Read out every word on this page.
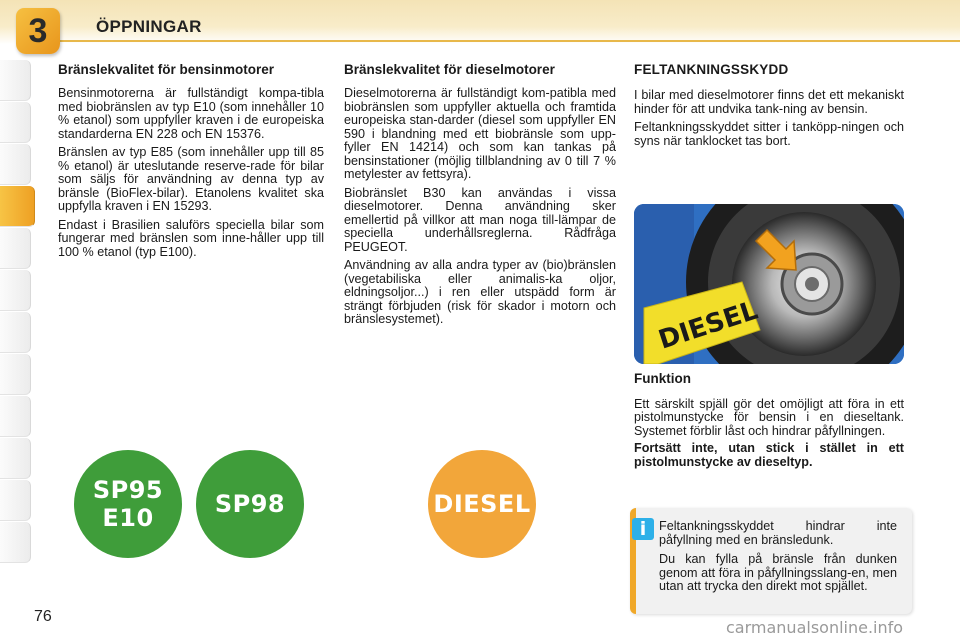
3	ÖPPNINGAR
Bränslekvalitet för bensinmotorer

Bensinmotorerna är fullständigt kompa-tibla med biobränslen av typ E10 (som innehåller 10 % etanol) som uppfyller kraven i de europeiska standarderna EN 228 och EN 15376.

Bränslen av typ E85 (som innehåller upp till 85 % etanol) är uteslutande reserve-rade för bilar som säljs för användning av denna typ av bränsle (BioFlex-bilar). Etanolens kvalitet ska uppfylla kraven i EN 15293.

Endast i Brasilien saluförs speciella bilar som fungerar med bränslen som inne-håller upp till 100 % etanol (typ E100).

Bränslekvalitet för dieselmotorer

Dieselmotorerna är fullständigt kom-patibla med biobränslen som uppfyller aktuella och framtida europeiska stan-darder (diesel som uppfyller EN 590 i blandning med ett biobränsle som upp-fyller EN 14214) och som kan tankas på bensinstationer (möjlig tillblandning av 0 till 7 % metylester av fettsyra).

Biobränslet B30 kan användas i vissa dieselmotorer. Denna användning sker emellertid på villkor att man noga till-lämpar de speciella underhållsreglerna. Rådfråga PEUGEOT.

Användning av alla andra typer av (bio)bränslen (vegetabiliska eller animalis-ka oljor, eldningsoljor...) i ren eller utspädd form är strängt förbjuden (risk för skador i motorn och bränslesystemet).

FELTANKNINGSSKYDD

I bilar med dieselmotorer finns det ett mekaniskt hinder för att undvika tank-ning av bensin.

Feltankningsskyddet sitter i tanköpp-ningen och syns när tanklocket tas bort.

DIESEL
Funktion

Ett särskilt spjäll gör det omöjligt att föra in ett pistolmunstycke för bensin i en dieseltank. Systemet förblir låst och hindrar påfyllningen.

Fortsätt inte, utan stick i stället in ett pistolmunstycke av dieseltyp.

i	Feltankningsskyddet hindrar inte påfyllning med en bränsledunk.

Du kan fylla på bränsle från dunken genom att föra in påfyllningsslang-en, men utan att trycka den direkt mot spjället.

SP95
E10	SP98	DIESEL
76
carmanualsonline.info
